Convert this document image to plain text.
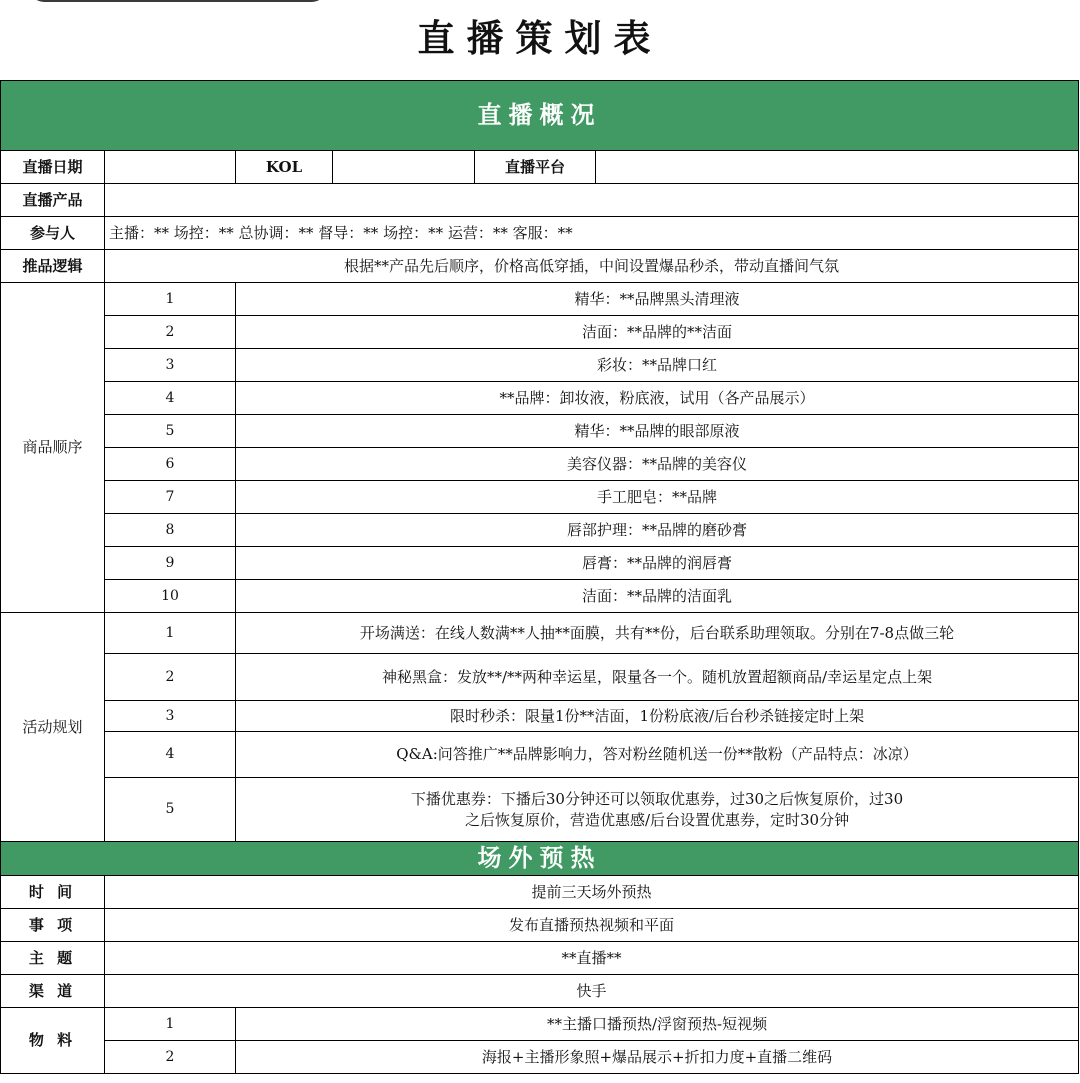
直播策划表
直播概况					
直播日期		KOL		直播平台	
直播产品					
参与人	主播：** 场控：** 总协调：** 督导：** 场控：** 运营：** 客服：**				
推品逻辑	根据**产品先后顺序，价格高低穿插，中间设置爆品秒杀，带动直播间气氛				
商品顺序	1	精华：**品牌黑头清理液			
	2	洁面：**品牌的**洁面			
	3	彩妆：**品牌口红			
	4	**品牌：卸妆液，粉底液，试用（各产品展示）			
	5	精华：**品牌的眼部原液			
	6	美容仪器：**品牌的美容仪			
	7	手工肥皂：**品牌			
	8	唇部护理：**品牌的磨砂膏			
	9	唇膏：**品牌的润唇膏			
	10	洁面：**品牌的洁面乳			
活动规划	1	开场满送：在线人数满**人抽**面膜，共有**份，后台联系助理领取。分别在7-8点做三轮			
	2	神秘黑盒：发放**/**两种幸运星，限量各一个。随机放置超额商品/幸运星定点上架			
	3	限时秒杀：限量1份**洁面，1份粉底液/后台秒杀链接定时上架			
	4	Q&A:问答推广**品牌影响力，答对粉丝随机送一份**散粉（产品特点：冰凉）			
	5	下播优惠券：下播后30分钟还可以领取优惠券，过30之后恢复原价，过30
之后恢复原价，营造优惠感/后台设置优惠券，定时30分钟			

场外预热					
时 间	提前三天场外预热				
事 项	发布直播预热视频和平面				
主 题	**直播**				
渠 道	快手				
物 料	1	**主播口播预热/浮窗预热-短视频			
	2	海报+主播形象照+爆品展示+折扣力度+直播二维码			
